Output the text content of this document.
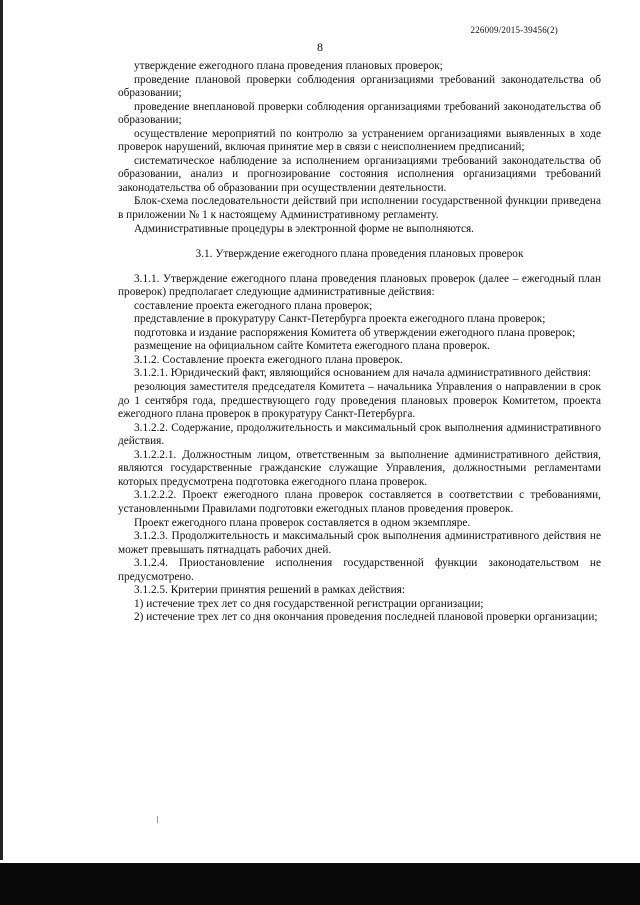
226009/2015-39456(2)
8

утверждение ежегодного плана проведения плановых проверок;

проведение плановой проверки соблюдения организациями требований законодательства об образовании;

проведение внеплановой проверки соблюдения организациями требований законодательства об образовании;

осуществление мероприятий по контролю за устранением организациями выявленных в ходе проверок нарушений, включая принятие мер в связи с неисполнением предписаний;

систематическое наблюдение за исполнением организациями требований законодательства об образовании, анализ и прогнозирование состояния исполнения организациями требований законодательства об образовании при осуществлении деятельности.

Блок-схема последовательности действий при исполнении государственной функции приведена в приложении № 1 к настоящему Административному регламенту.

Административные процедуры в электронной форме не выполняются.

3.1. Утверждение ежегодного плана проведения плановых проверок

3.1.1. Утверждение ежегодного плана проведения плановых проверок (далее – ежегодный план проверок) предполагает следующие административные действия:

составление проекта ежегодного плана проверок;

представление в прокуратуру Санкт-Петербурга проекта ежегодного плана проверок;

подготовка и издание распоряжения Комитета об утверждении ежегодного плана проверок;

размещение на официальном сайте Комитета ежегодного плана проверок.

3.1.2. Составление проекта ежегодного плана проверок.

3.1.2.1. Юридический факт, являющийся основанием для начала административного действия:

резолюция заместителя председателя Комитета – начальника Управления о направлении в срок до 1 сентября года, предшествующего году проведения плановых проверок Комитетом, проекта ежегодного плана проверок в прокуратуру Санкт-Петербурга.

3.1.2.2. Содержание, продолжительность и максимальный срок выполнения административного действия.

3.1.2.2.1. Должностным лицом, ответственным за выполнение административного действия, являются государственные гражданские служащие Управления, должностными регламентами которых предусмотрена подготовка ежегодного плана проверок.

3.1.2.2.2. Проект ежегодного плана проверок составляется в соответствии с требованиями, установленными Правилами подготовки ежегодных планов проведения проверок.

Проект ежегодного плана проверок составляется в одном экземпляре.

3.1.2.3. Продолжительность и максимальный срок выполнения административного действия не может превышать пятнадцать рабочих дней.

3.1.2.4. Приостановление исполнения государственной функции законодательством не предусмотрено.

3.1.2.5. Критерии принятия решений в рамках действия:

1) истечение трех лет со дня государственной регистрации организации;

2) истечение трех лет со дня окончания проведения последней плановой проверки организации;
